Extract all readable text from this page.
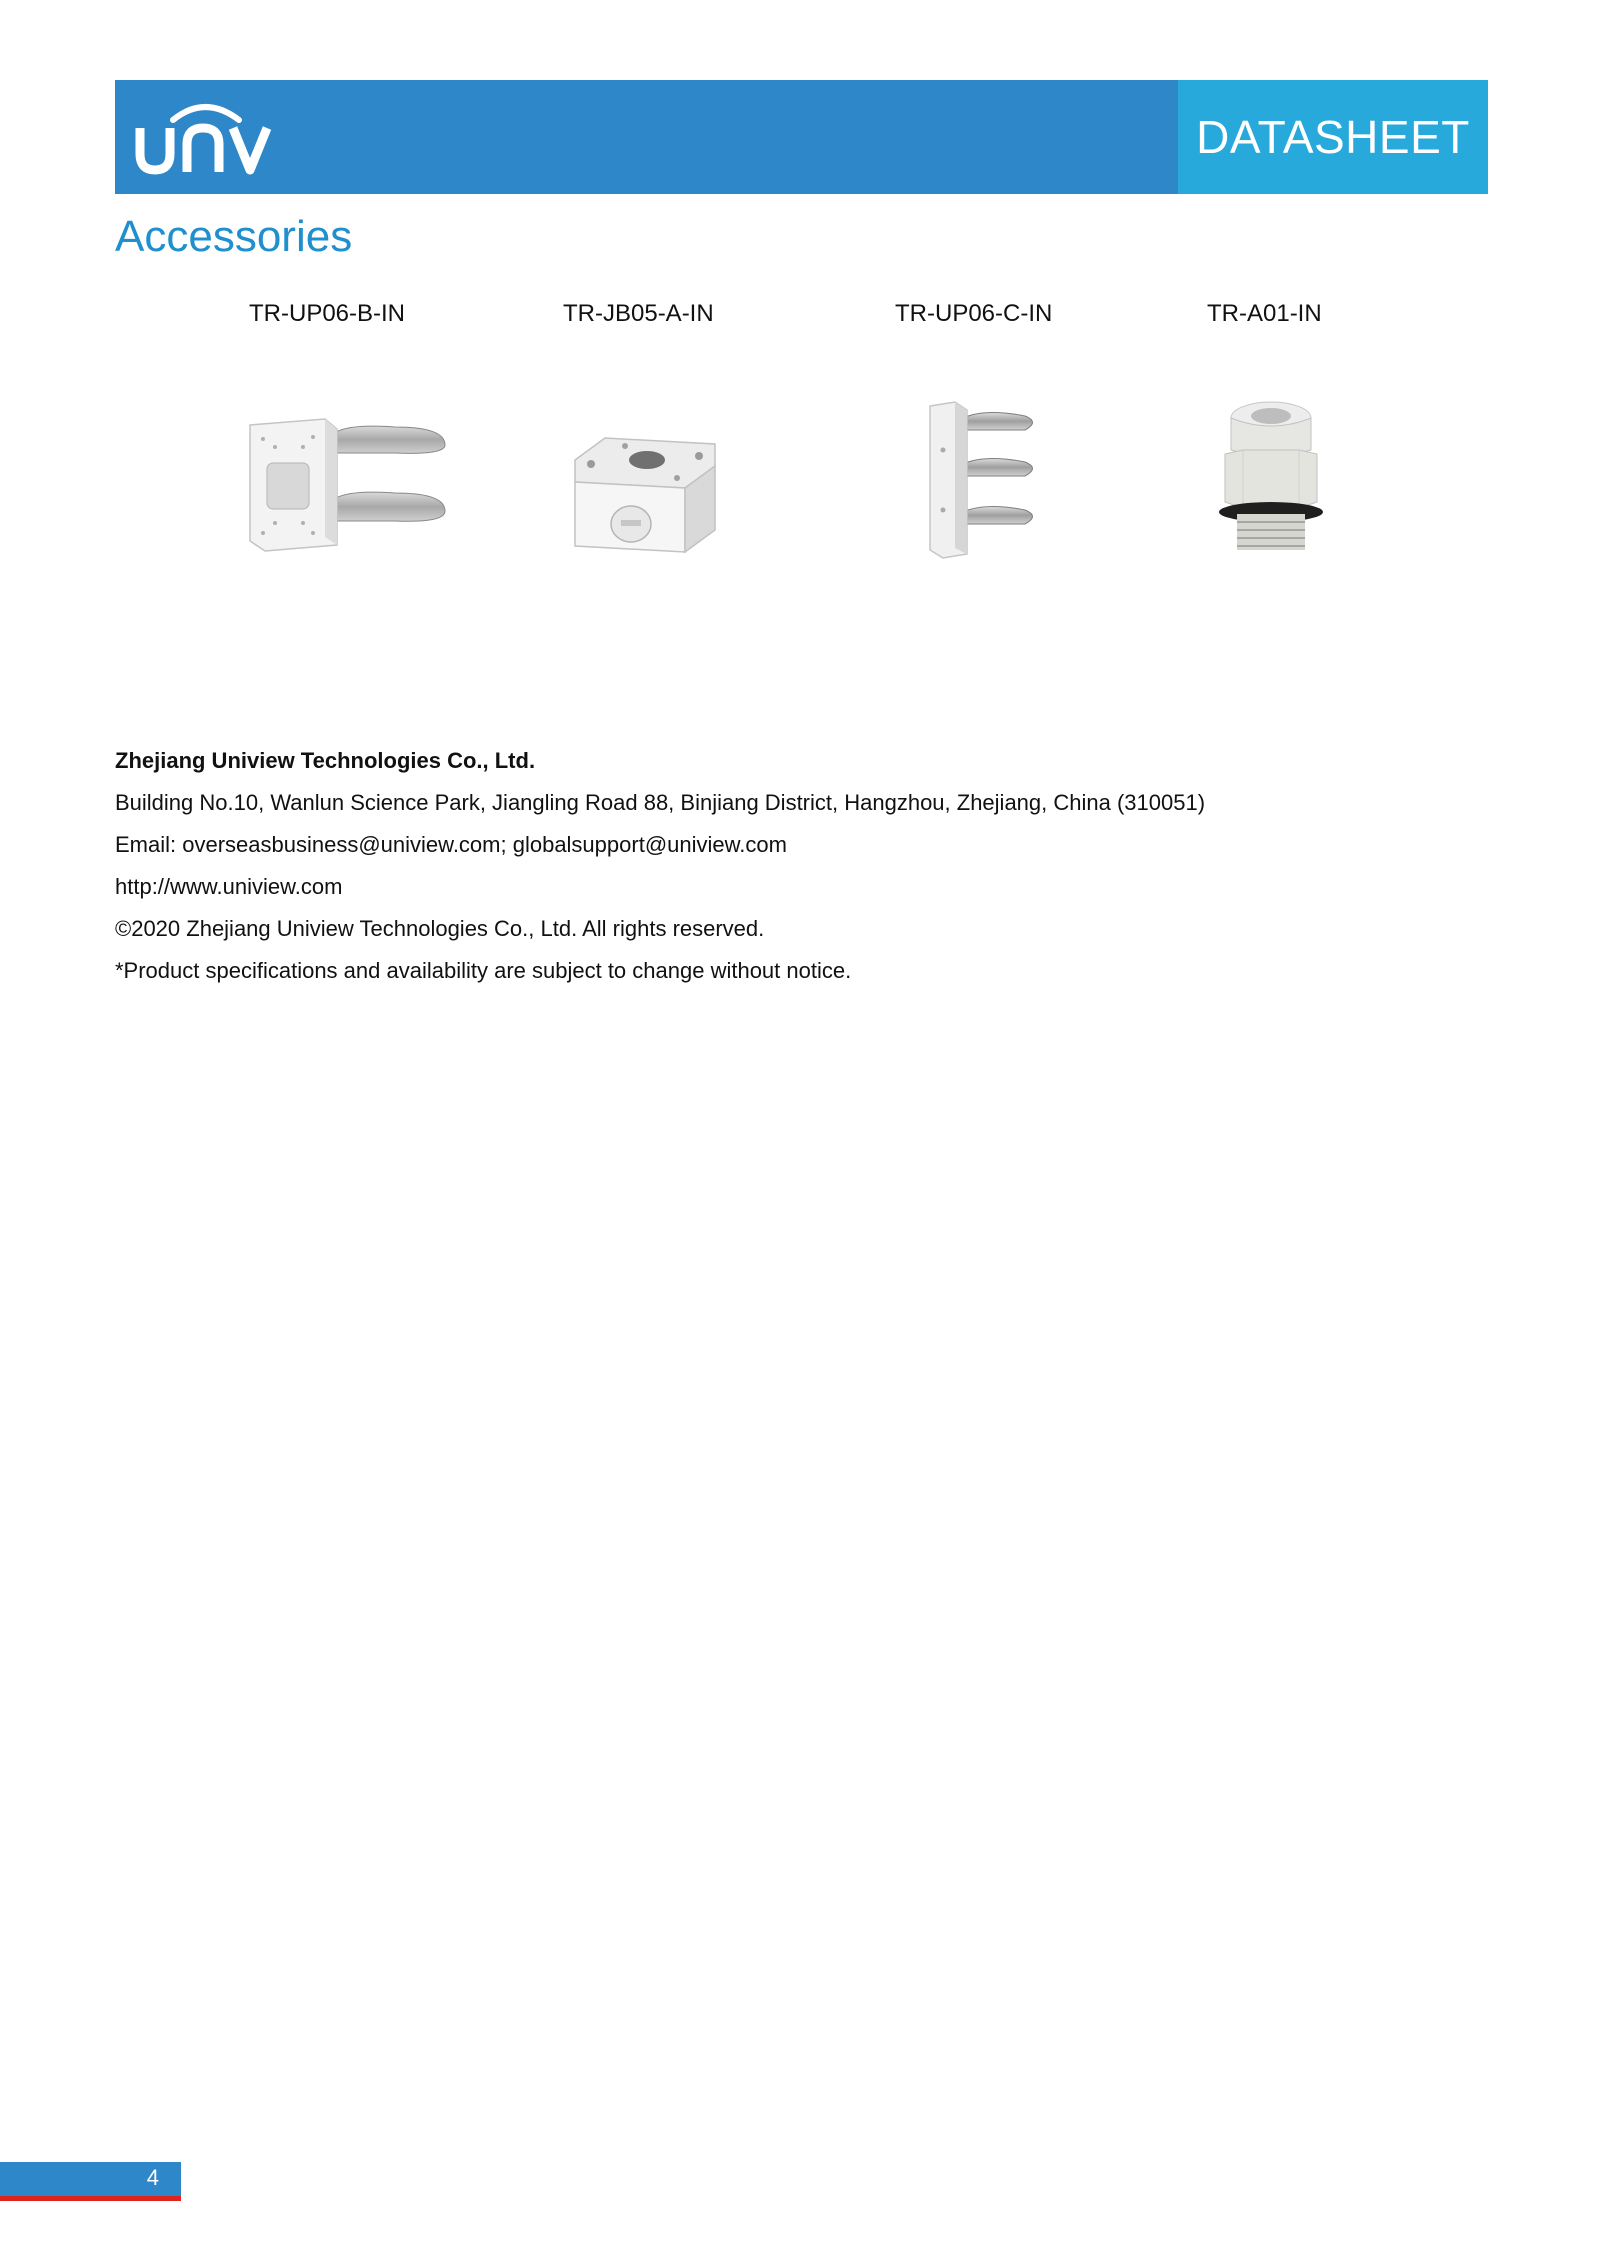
DATASHEET
Accessories
TR-UP06-B-IN	TR-JB05-A-IN	TR-UP06-C-IN	TR-A01-IN
Zhejiang Uniview Technologies Co., Ltd.
Building No.10, Wanlun Science Park, Jiangling Road 88, Binjiang District, Hangzhou, Zhejiang, China (310051)
Email: overseasbusiness@uniview.com; globalsupport@uniview.com
http://www.uniview.com
©2020 Zhejiang Uniview Technologies Co., Ltd. All rights reserved.
*Product specifications and availability are subject to change without notice.
4
